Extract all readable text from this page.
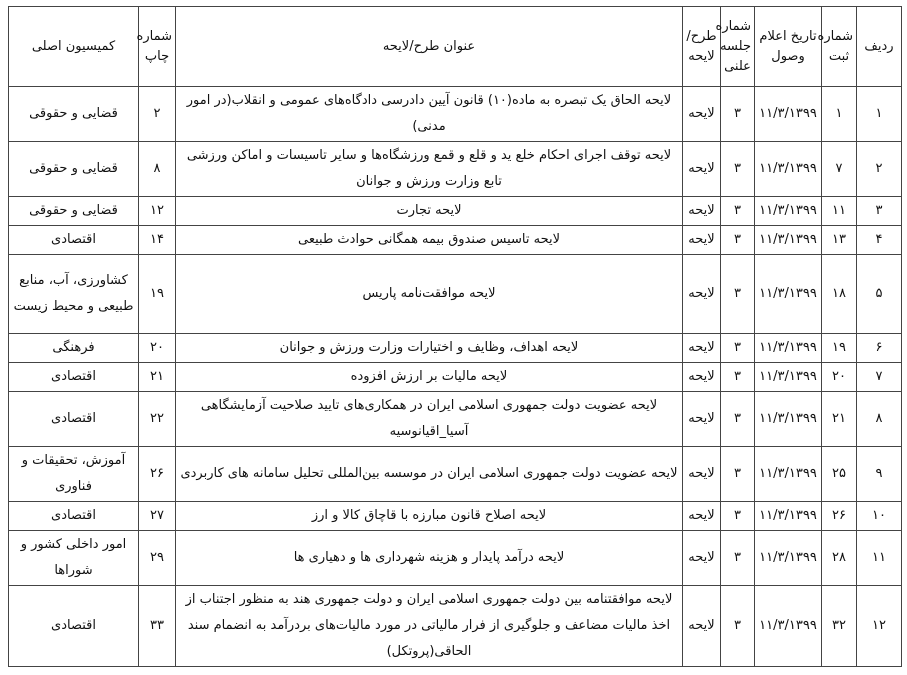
ردیف	شماره ثبت	تاریخ اعلام وصول	شماره جلسه علنی	طرح/ لایحه	عنوان طرح/لایحه	شماره چاپ	کمیسیون اصلی
۱	۱	۱۱/۳/۱۳۹۹	۳	لایحه	لایحه الحاق یک تبصره به ماده(۱۰) قانون آیین دادرسی دادگاه‌های عمومی و انقلاب(در امور مدنی)	۲	قضایی و حقوقی
۲	۷	۱۱/۳/۱۳۹۹	۳	لایحه	لایحه توقف اجرای احکام خلع ید و قلع و قمع ورزشگاه‌ها و سایر تاسیسات و اماکن ورزشی تابع وزارت ورزش و جوانان	۸	قضایی و حقوقی
۳	۱۱	۱۱/۳/۱۳۹۹	۳	لایحه	لایحه تجارت	۱۲	قضایی و حقوقی
۴	۱۳	۱۱/۳/۱۳۹۹	۳	لایحه	لایحه تاسیس صندوق بیمه همگانی حوادث طبیعی	۱۴	اقتصادی
۵	۱۸	۱۱/۳/۱۳۹۹	۳	لایحه	لایحه موافقت‌نامه پاریس	۱۹	کشاورزی، آب، منابع طبیعی و محیط زیست
۶	۱۹	۱۱/۳/۱۳۹۹	۳	لایحه	لایحه اهداف، وظایف و اختیارات وزارت ورزش و جوانان	۲۰	فرهنگی
۷	۲۰	۱۱/۳/۱۳۹۹	۳	لایحه	لایحه مالیات بر ارزش افزوده	۲۱	اقتصادی
۸	۲۱	۱۱/۳/۱۳۹۹	۳	لایحه	لایحه عضویت دولت جمهوری اسلامی ایران در همکاری‌های تایید صلاحیت آزمایشگاهی آسیا_اقیانوسیه	۲۲	اقتصادی
۹	۲۵	۱۱/۳/۱۳۹۹	۳	لایحه	لایحه عضویت دولت جمهوری اسلامی ایران در موسسه بین‌المللی تحلیل سامانه های کاربردی	۲۶	آموزش، تحقیقات و فناوری
۱۰	۲۶	۱۱/۳/۱۳۹۹	۳	لایحه	لایحه اصلاح قانون مبارزه با قاچاق کالا و ارز	۲۷	اقتصادی
۱۱	۲۸	۱۱/۳/۱۳۹۹	۳	لایحه	لایحه درآمد پایدار و هزینه شهرداری ها و دهیاری ها	۲۹	امور داخلی کشور و شوراها
۱۲	۳۲	۱۱/۳/۱۳۹۹	۳	لایحه	لایحه موافقتنامه بین دولت جمهوری اسلامی ایران و دولت جمهوری هند به منظور اجتناب از اخذ مالیات مضاعف و جلوگیری از فرار مالیاتی در مورد مالیات‌های بردرآمد به انضمام سند الحاقی(پروتکل)	۳۳	اقتصادی
